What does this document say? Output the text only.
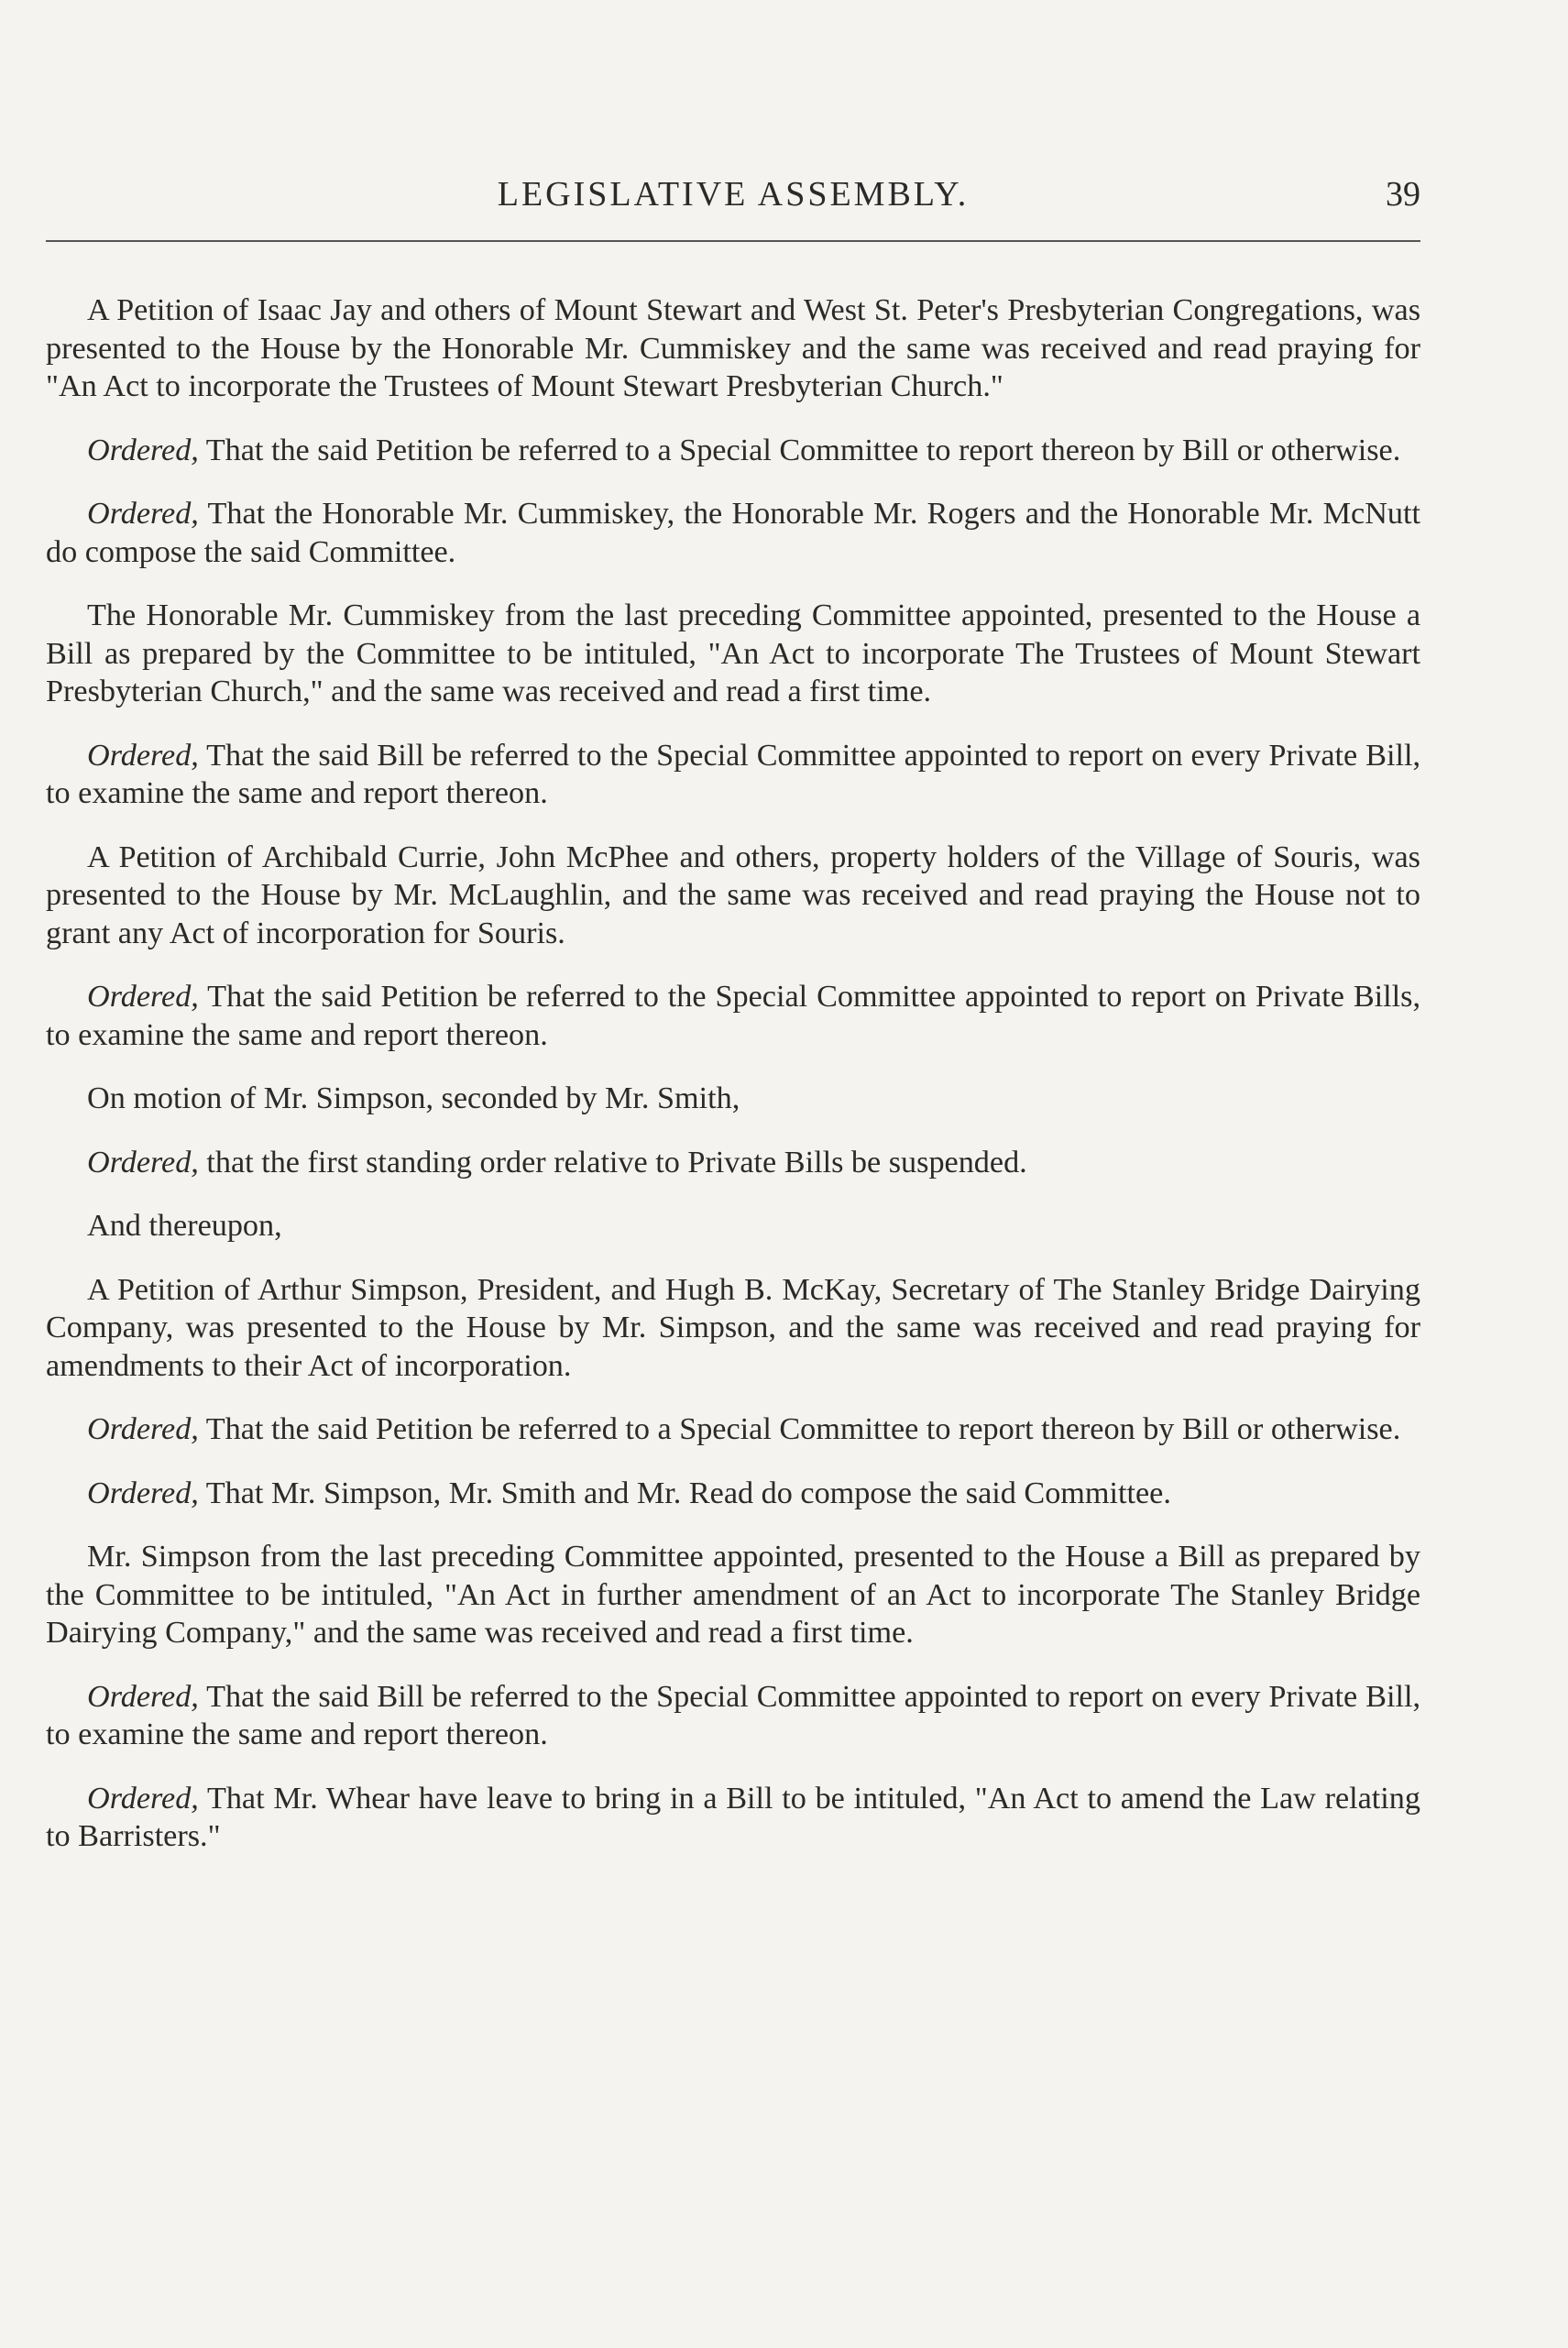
LEGISLATIVE ASSEMBLY.	39

A Petition of Isaac Jay and others of Mount Stewart and West St. Peter's Presbyterian Congregations, was presented to the House by the Honorable Mr. Cummiskey and the same was received and read praying for "An Act to incorporate the Trustees of Mount Stewart Presbyterian Church."

Ordered, That the said Petition be referred to a Special Committee to report thereon by Bill or otherwise.

Ordered, That the Honorable Mr. Cummiskey, the Honorable Mr. Rogers and the Honorable Mr. McNutt do compose the said Committee.

The Honorable Mr. Cummiskey from the last preceding Committee appointed, presented to the House a Bill as prepared by the Committee to be intituled, "An Act to incorporate The Trustees of Mount Stewart Presbyterian Church," and the same was received and read a first time.

Ordered, That the said Bill be referred to the Special Committee appointed to report on every Private Bill, to examine the same and report thereon.

A Petition of Archibald Currie, John McPhee and others, property holders of the Village of Souris, was presented to the House by Mr. McLaughlin, and the same was received and read praying the House not to grant any Act of incorporation for Souris.

Ordered, That the said Petition be referred to the Special Committee appointed to report on Private Bills, to examine the same and report thereon.

On motion of Mr. Simpson, seconded by Mr. Smith,

Ordered, that the first standing order relative to Private Bills be suspended.

And thereupon,

A Petition of Arthur Simpson, President, and Hugh B. McKay, Secretary of The Stanley Bridge Dairying Company, was presented to the House by Mr. Simpson, and the same was received and read praying for amendments to their Act of incorporation.

Ordered, That the said Petition be referred to a Special Committee to report thereon by Bill or otherwise.

Ordered, That Mr. Simpson, Mr. Smith and Mr. Read do compose the said Committee.

Mr. Simpson from the last preceding Committee appointed, presented to the House a Bill as prepared by the Committee to be intituled, "An Act in further amendment of an Act to incorporate The Stanley Bridge Dairying Company," and the same was received and read a first time.

Ordered, That the said Bill be referred to the Special Committee appointed to report on every Private Bill, to examine the same and report thereon.

Ordered, That Mr. Whear have leave to bring in a Bill to be intituled, "An Act to amend the Law relating to Barristers."
